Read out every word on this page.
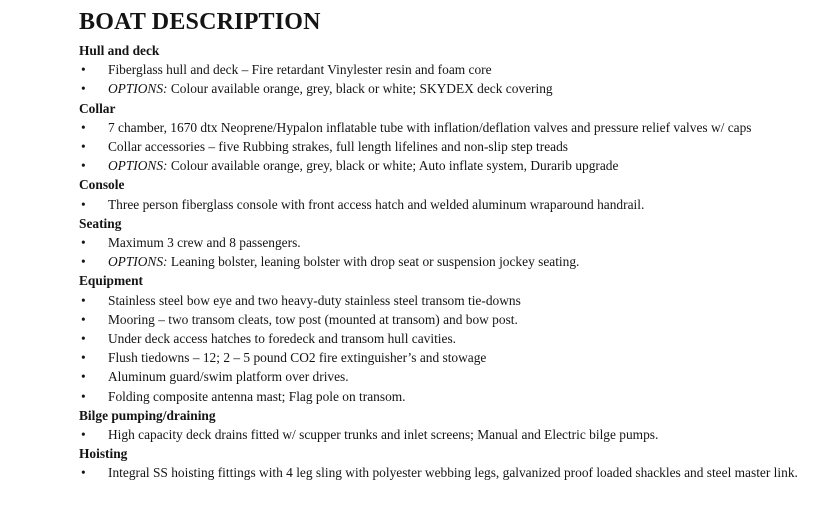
BOAT DESCRIPTION
Hull and deck
•	Fiberglass hull and deck – Fire retardant Vinylester resin and foam core
•	OPTIONS: Colour available orange, grey, black or white; SKYDEX deck covering
Collar
•	7 chamber, 1670 dtx Neoprene/Hypalon inflatable tube with inflation/deflation valves and pressure relief valves w/ caps
•	Collar accessories – five Rubbing strakes, full length lifelines and non-slip step treads
•	OPTIONS: Colour available orange, grey, black or white; Auto inflate system, Durarib upgrade
Console
•	Three person fiberglass console with front access hatch and welded aluminum wraparound handrail.
Seating
•	Maximum 3 crew and 8 passengers.
•	OPTIONS: Leaning bolster, leaning bolster with drop seat or suspension jockey seating.
Equipment
•	Stainless steel bow eye and two heavy-duty stainless steel transom tie-downs
•	Mooring – two transom cleats, tow post (mounted at transom) and bow post.
•	Under deck access hatches to foredeck and transom hull cavities.
•	Flush tiedowns – 12; 2 – 5 pound CO2 fire extinguisher’s and stowage
•	Aluminum guard/swim platform over drives.
•	Folding composite antenna mast; Flag pole on transom.
Bilge pumping/draining
•	High capacity deck drains fitted w/ scupper trunks and inlet screens; Manual and Electric bilge pumps.
Hoisting
•	Integral SS hoisting fittings with 4 leg sling with polyester webbing legs, galvanized proof loaded shackles and steel master link.
